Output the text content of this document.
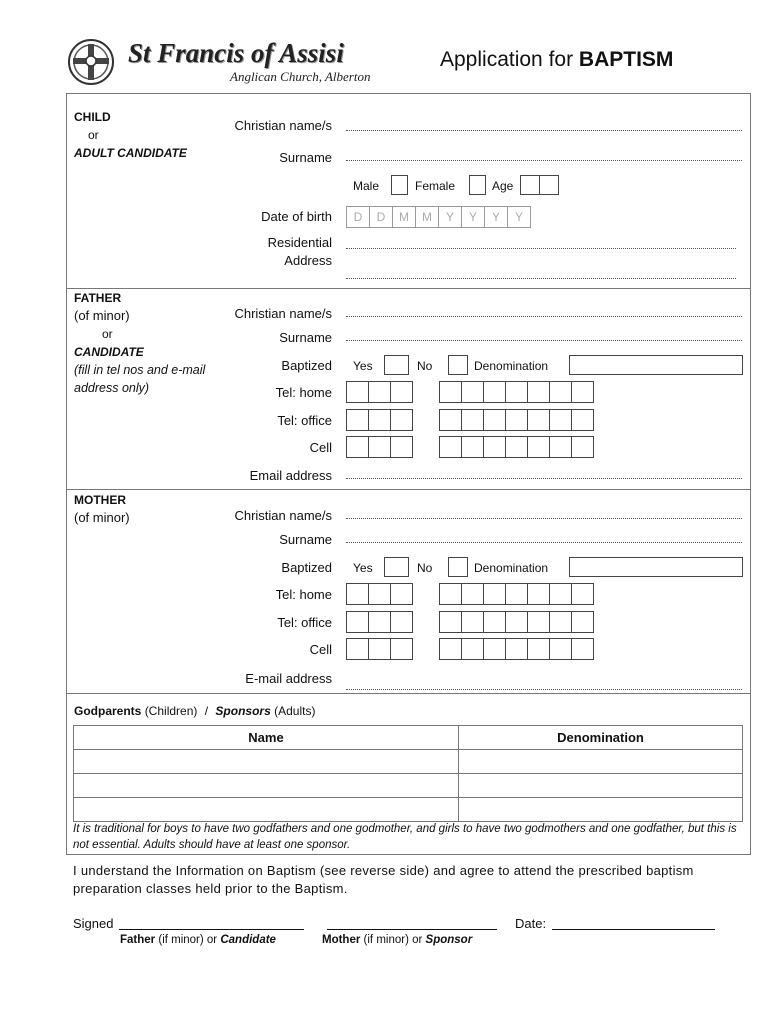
St Francis of Assisi
Anglican Church, Alberton
Application for BAPTISM
CHILD
or
ADULT CANDIDATE
Christian name/s
Surname
Male	Female	Age
Date of birth	D	D	M	M	Y	Y	Y	Y
Residential
Address
FATHER
(of minor)
or
CANDIDATE
(fill in tel nos and e-mail address only)
Christian name/s
Surname
Baptized Yes	No	Denomination
Tel: home
Tel: office
Cell
Email address
MOTHER
(of minor)	Christian name/s
Surname
Baptized Yes	No	Denomination
Tel: home
Tel: office
Cell
E-mail address
Godparents (Children) / Sponsors (Adults)
Name	Denomination

It is traditional for boys to have two godfathers and one godmother, and girls to have two godmothers and one godfather, but this is not essential. Adults should have at least one sponsor.
I understand the Information on Baptism (see reverse side) and agree to attend the prescribed baptism preparation classes held prior to the Baptism.
Signed	Date:
Father (if minor) or Candidate	Mother (if minor) or Sponsor
